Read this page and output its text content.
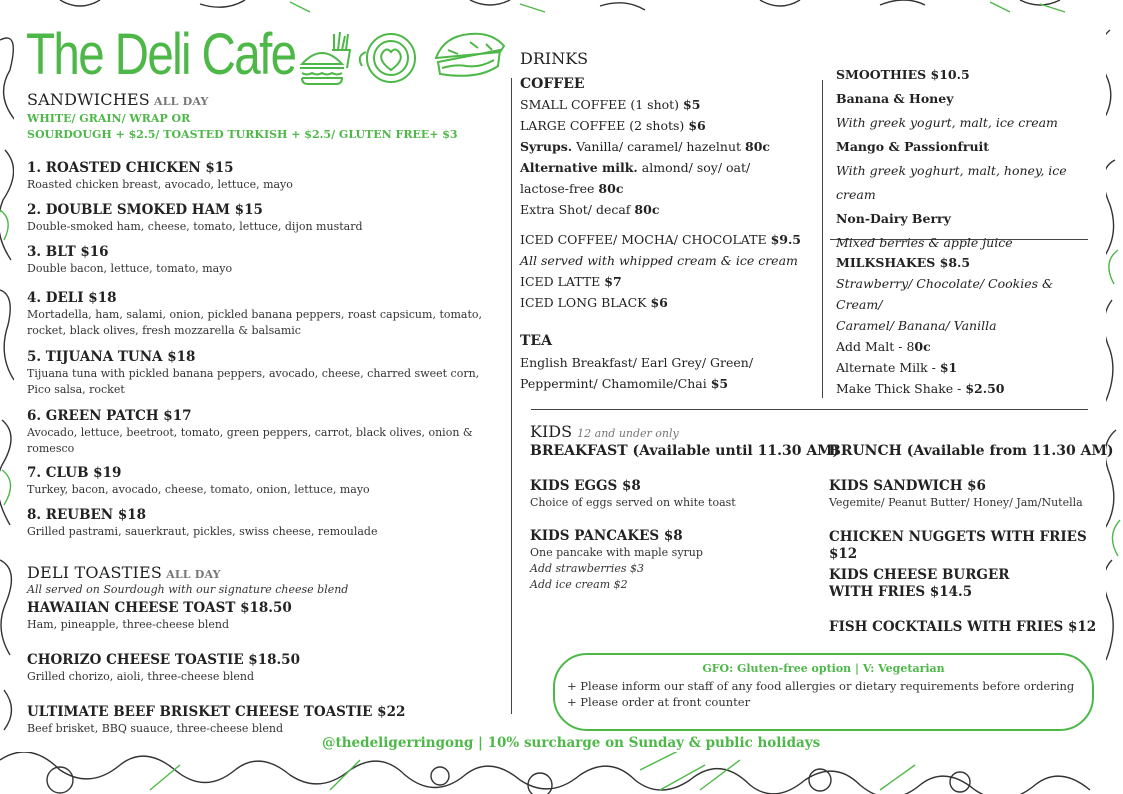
The Deli Cafe
SANDWICHES ALL DAY
WHITE/ GRAIN/ WRAP OR
SOURDOUGH + $2.5/ TOASTED TURKISH + $2.5/ GLUTEN FREE+ $3
1. ROASTED CHICKEN $15
Roasted chicken breast, avocado, lettuce, mayo
2. DOUBLE SMOKED HAM $15
Double-smoked ham, cheese, tomato, lettuce, dijon mustard
3. BLT $16
Double bacon, lettuce, tomato, mayo
4. DELI $18
Mortadella, ham, salami, onion, pickled banana peppers, roast capsicum, tomato, rocket, black olives, fresh mozzarella & balsamic
5. TIJUANA TUNA $18
Tijuana tuna with pickled banana peppers, avocado, cheese, charred sweet corn, Pico salsa, rocket
6. GREEN PATCH $17
Avocado, lettuce, beetroot, tomato, green peppers, carrot, black olives, onion & romesco
7. CLUB $19
Turkey, bacon, avocado, cheese, tomato, onion, lettuce, mayo
8. REUBEN $18
Grilled pastrami, sauerkraut, pickles, swiss cheese, remoulade
DELI TOASTIES ALL DAY
All served on Sourdough with our signature cheese blend
HAWAIIAN CHEESE TOAST $18.50
Ham, pineapple, three-cheese blend
CHORIZO CHEESE TOASTIE $18.50
Grilled chorizo, aioli, three-cheese blend
ULTIMATE BEEF BRISKET CHEESE TOASTIE $22
Beef brisket, BBQ suauce, three-cheese blend
DRINKS
COFFEE
SMALL COFFEE (1 shot) $5
LARGE COFFEE (2 shots) $6
Syrups. Vanilla/ caramel/ hazelnut 80c
Alternative milk. almond/ soy/ oat/
lactose-free 80c
Extra Shot/ decaf 80c
ICED COFFEE/ MOCHA/ CHOCOLATE $9.5
All served with whipped cream & ice cream
ICED LATTE $7
ICED LONG BLACK $6
TEA
English Breakfast/ Earl Grey/ Green/
Peppermint/ Chamomile/Chai $5
SMOOTHIES $10.5
Banana & Honey
With greek yogurt, malt, ice cream
Mango & Passionfruit
With greek yoghurt, malt, honey, ice cream
Non-Dairy Berry
Mixed berries & apple juice
MILKSHAKES $8.5
Strawberry/ Chocolate/ Cookies & Cream/
Caramel/ Banana/ Vanilla
Add Malt - 80c
Alternate Milk - $1
Make Thick Shake - $2.50
KIDS 12 and under only
BREAKFAST (Available until 11.30 AM)
BRUNCH (Available from 11.30 AM)
KIDS EGGS $8
Choice of eggs served on white toast
KIDS PANCAKES $8
One pancake with maple syrup
Add strawberries $3
Add ice cream $2
KIDS SANDWICH $6
Vegemite/ Peanut Butter/ Honey/ Jam/Nutella
CHICKEN NUGGETS WITH FRIES $12
KIDS CHEESE BURGER
WITH FRIES $14.5
FISH COCKTAILS WITH FRIES $12
GFO: Gluten-free option | V: Vegetarian
+ Please inform our staff of any food allergies or dietary requirements before ordering
+ Please order at front counter
@thedeligerringong | 10% surcharge on Sunday & public holidays
